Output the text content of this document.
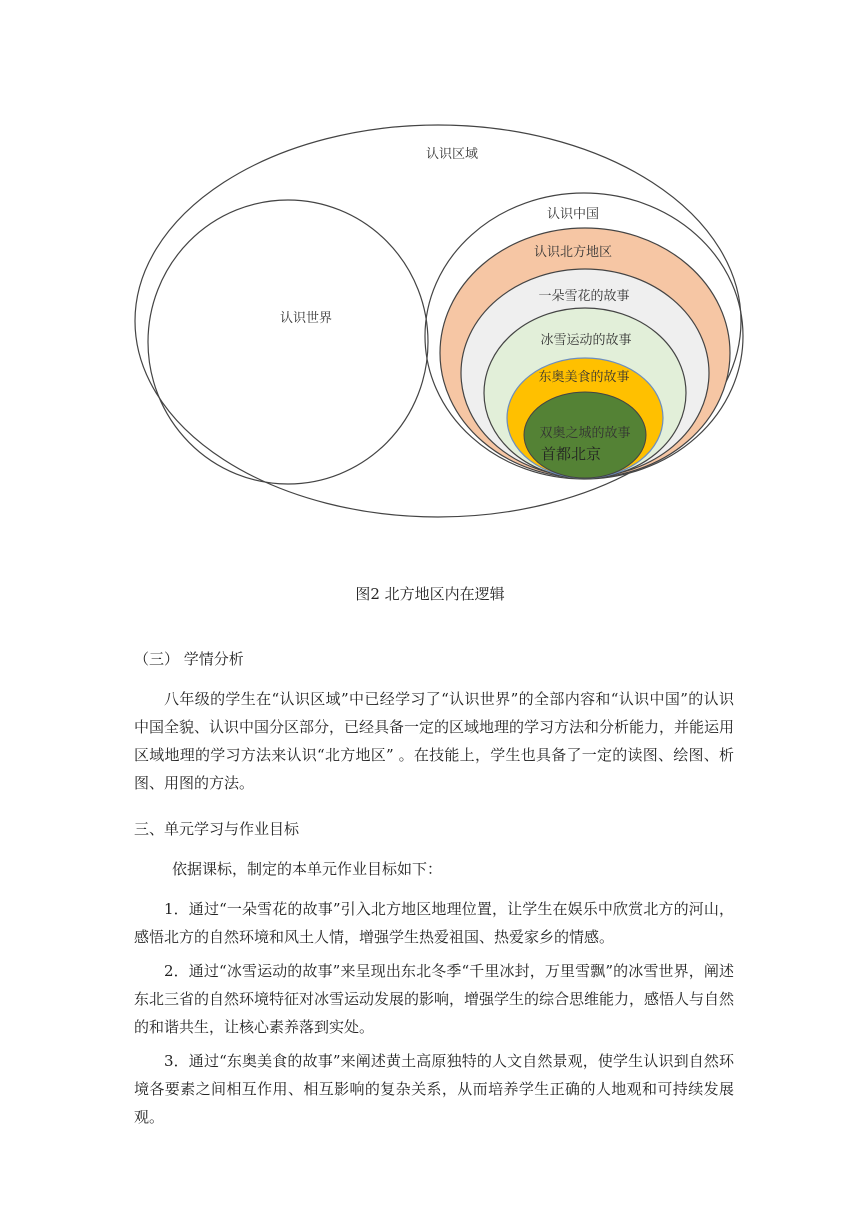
认识区域
认识世界
认识中国
认识北方地区
一朵雪花的故事
冰雪运动的故事
东奥美食的故事
双奥之城的故事
首都北京
图2 北方地区内在逻辑
（三） 学情分析
八年级的学生在“认识区域”中已经学习了“认识世界”的全部内容和“认识中国”的认识中国全貌、认识中国分区部分，已经具备一定的区域地理的学习方法和分析能力，并能运用区域地理的学习方法来认识“北方地区” 。在技能上，学生也具备了一定的读图、绘图、析图、用图的方法。
三、单元学习与作业目标
依据课标，制定的本单元作业目标如下：
1．通过“一朵雪花的故事”引入北方地区地理位置，让学生在娱乐中欣赏北方的河山，感悟北方的自然环境和风土人情，增强学生热爱祖国、热爱家乡的情感。
2．通过“冰雪运动的故事”来呈现出东北冬季“千里冰封，万里雪飘”的冰雪世界，阐述东北三省的自然环境特征对冰雪运动发展的影响，增强学生的综合思维能力，感悟人与自然的和谐共生，让核心素养落到实处。
3．通过“东奥美食的故事”来阐述黄土高原独特的人文自然景观，使学生认识到自然环境各要素之间相互作用、相互影响的复杂关系，从而培养学生正确的人地观和可持续发展观。
